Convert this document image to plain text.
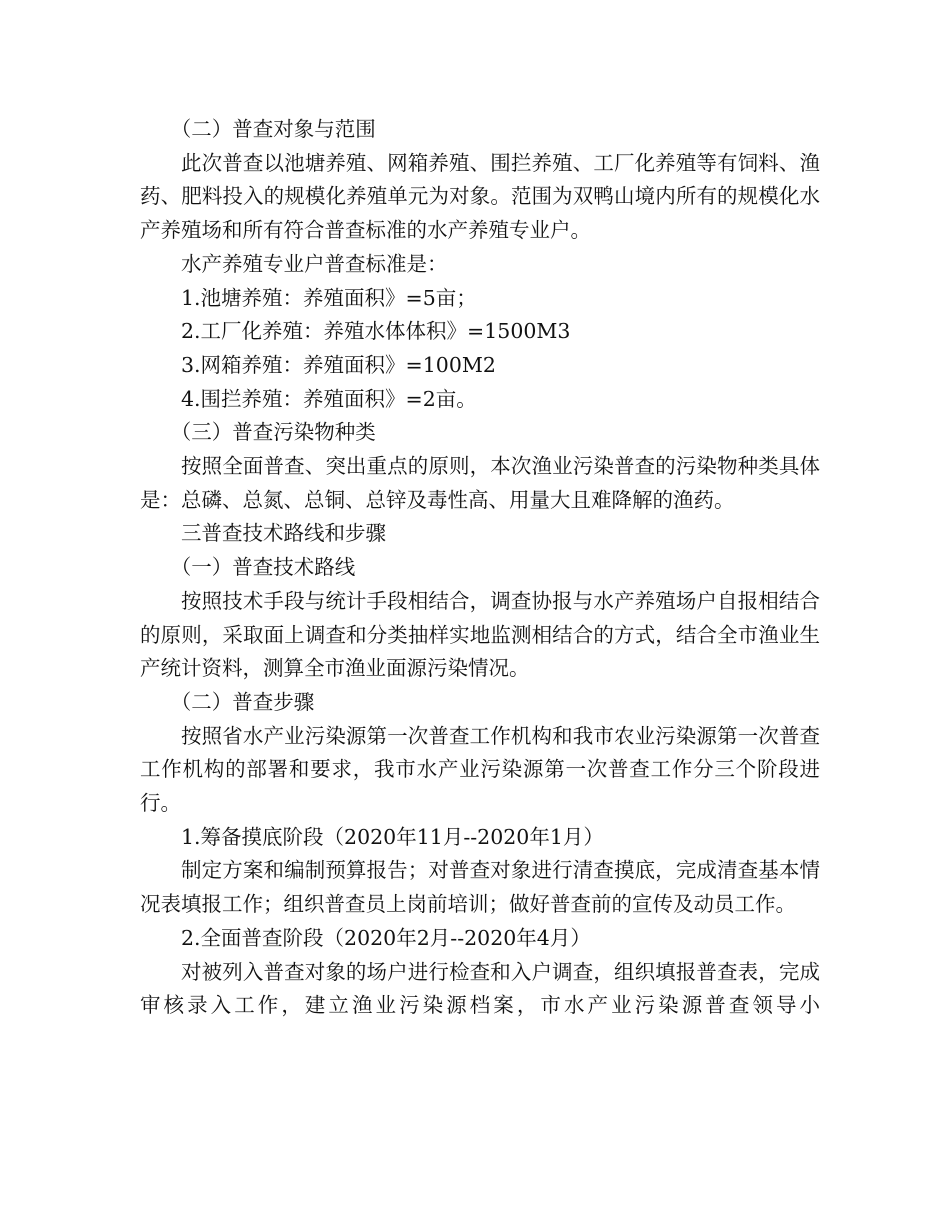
（二）普查对象与范围

此次普查以池塘养殖、网箱养殖、围拦养殖、工厂化养殖等有饲料、渔药、肥料投入的规模化养殖单元为对象。范围为双鸭山境内所有的规模化水产养殖场和所有符合普查标准的水产养殖专业户。

水产养殖专业户普查标准是：

1.池塘养殖：养殖面积》=5亩；

2.工厂化养殖：养殖水体体积》=1500M3

3.网箱养殖：养殖面积》=100M2

4.围拦养殖：养殖面积》=2亩。

（三）普查污染物种类

按照全面普查、突出重点的原则，本次渔业污染普查的污染物种类具体是：总磷、总氮、总铜、总锌及毒性高、用量大且难降解的渔药。

三普查技术路线和步骤

（一）普查技术路线

按照技术手段与统计手段相结合，调查协报与水产养殖场户自报相结合的原则，采取面上调查和分类抽样实地监测相结合的方式，结合全市渔业生产统计资料，测算全市渔业面源污染情况。

（二）普查步骤

按照省水产业污染源第一次普查工作机构和我市农业污染源第一次普查工作机构的部署和要求，我市水产业污染源第一次普查工作分三个阶段进行。

1.筹备摸底阶段（2020年11月--2020年1月）

制定方案和编制预算报告；对普查对象进行清查摸底，完成清查基本情况表填报工作；组织普查员上岗前培训；做好普查前的宣传及动员工作。

2.全面普查阶段（2020年2月--2020年4月）

对被列入普查对象的场户进行检查和入户调查，组织填报普查表，完成审核录入工作，建立渔业污染源档案，市水产业污染源普查领导小
